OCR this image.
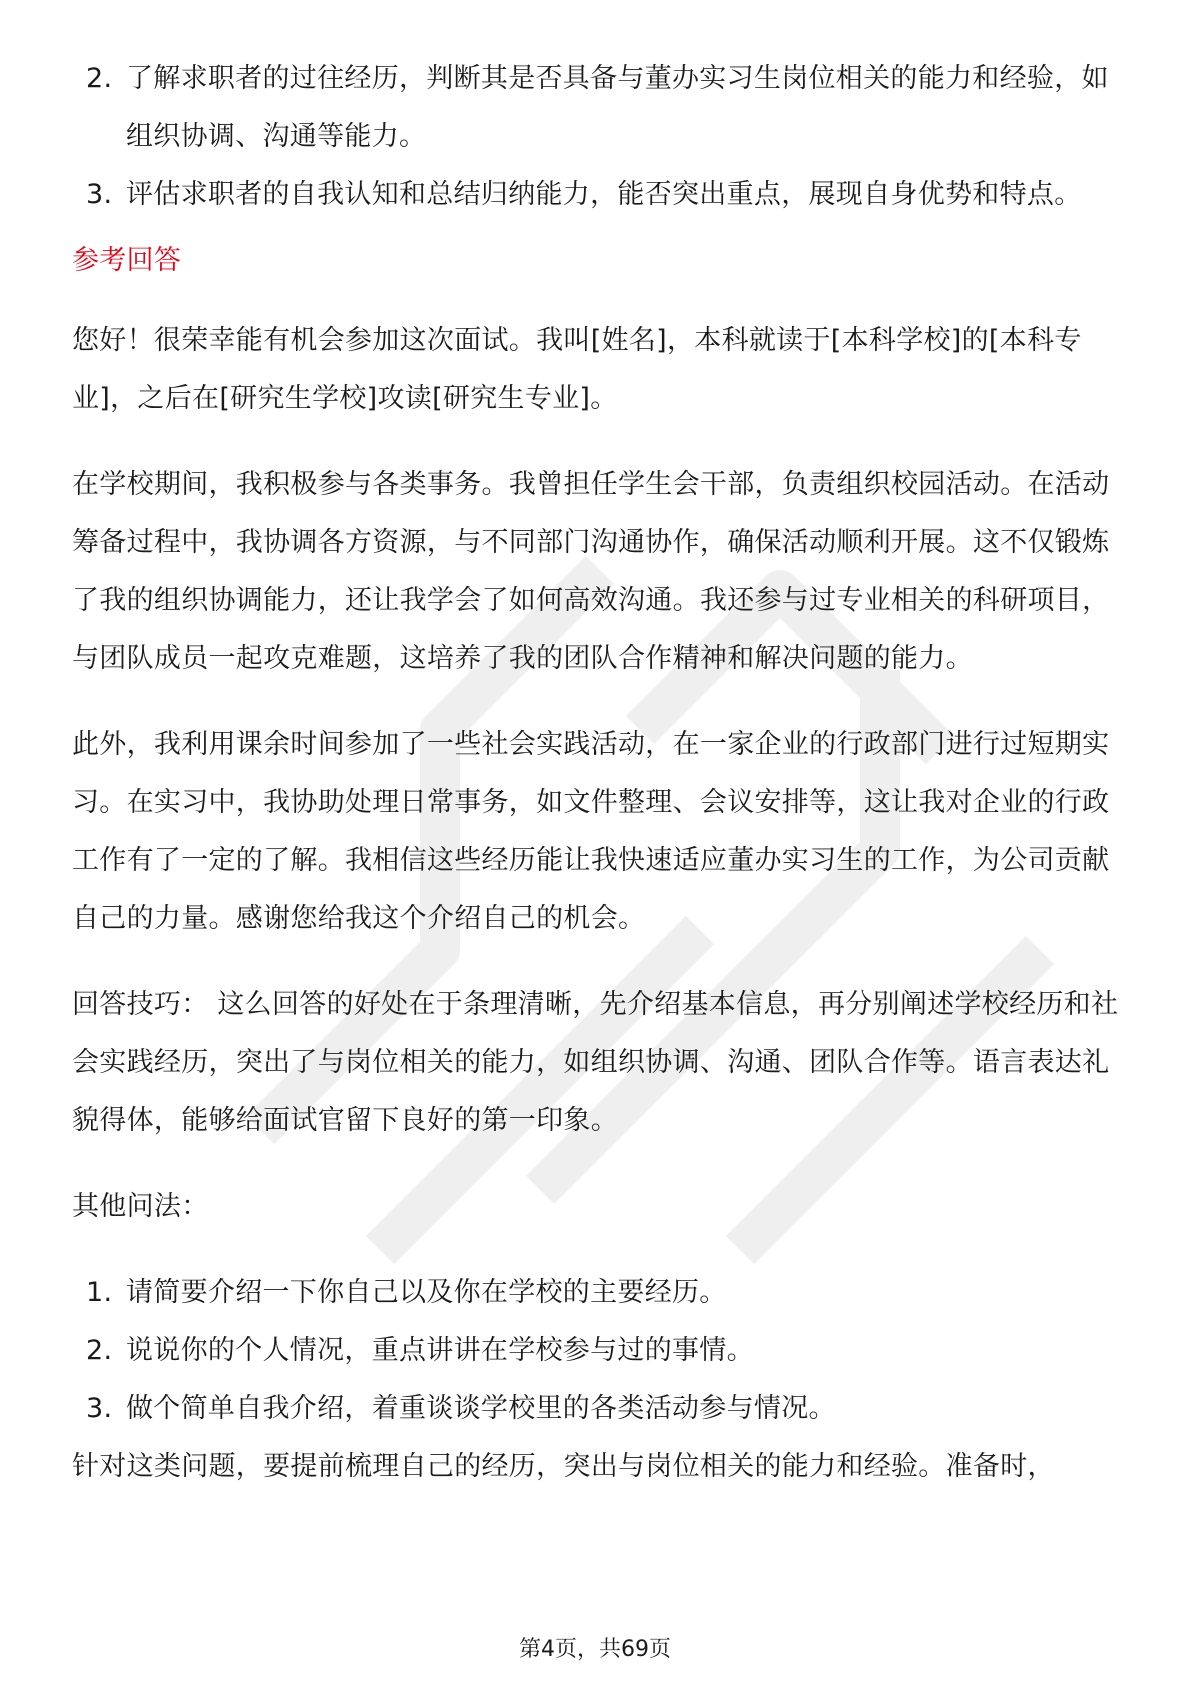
2. 了解求职者的过往经历，判断其是否具备与董办实习生岗位相关的能力和经验，如组织协调、沟通等能力。
3. 评估求职者的自我认知和总结归纳能力，能否突出重点，展现自身优势和特点。
参考回答

您好！很荣幸能有机会参加这次面试。我叫[姓名]，本科就读于[本科学校]的[本科专业]，之后在[研究生学校]攻读[研究生专业]。

在学校期间，我积极参与各类事务。我曾担任学生会干部，负责组织校园活动。在活动筹备过程中，我协调各方资源，与不同部门沟通协作，确保活动顺利开展。这不仅锻炼了我的组织协调能力，还让我学会了如何高效沟通。我还参与过专业相关的科研项目，与团队成员一起攻克难题，这培养了我的团队合作精神和解决问题的能力。

此外，我利用课余时间参加了一些社会实践活动，在一家企业的行政部门进行过短期实习。在实习中，我协助处理日常事务，如文件整理、会议安排等，这让我对企业的行政工作有了一定的了解。我相信这些经历能让我快速适应董办实习生的工作，为公司贡献自己的力量。感谢您给我这个介绍自己的机会。

回答技巧： 这么回答的好处在于条理清晰，先介绍基本信息，再分别阐述学校经历和社会实践经历，突出了与岗位相关的能力，如组织协调、沟通、团队合作等。语言表达礼貌得体，能够给面试官留下良好的第一印象。

其他问法：

1. 请简要介绍一下你自己以及你在学校的主要经历。
2. 说说你的个人情况，重点讲讲在学校参与过的事情。
3. 做个简单自我介绍，着重谈谈学校里的各类活动参与情况。

针对这类问题，要提前梳理自己的经历，突出与岗位相关的能力和经验。准备时，

第4页，共69页
